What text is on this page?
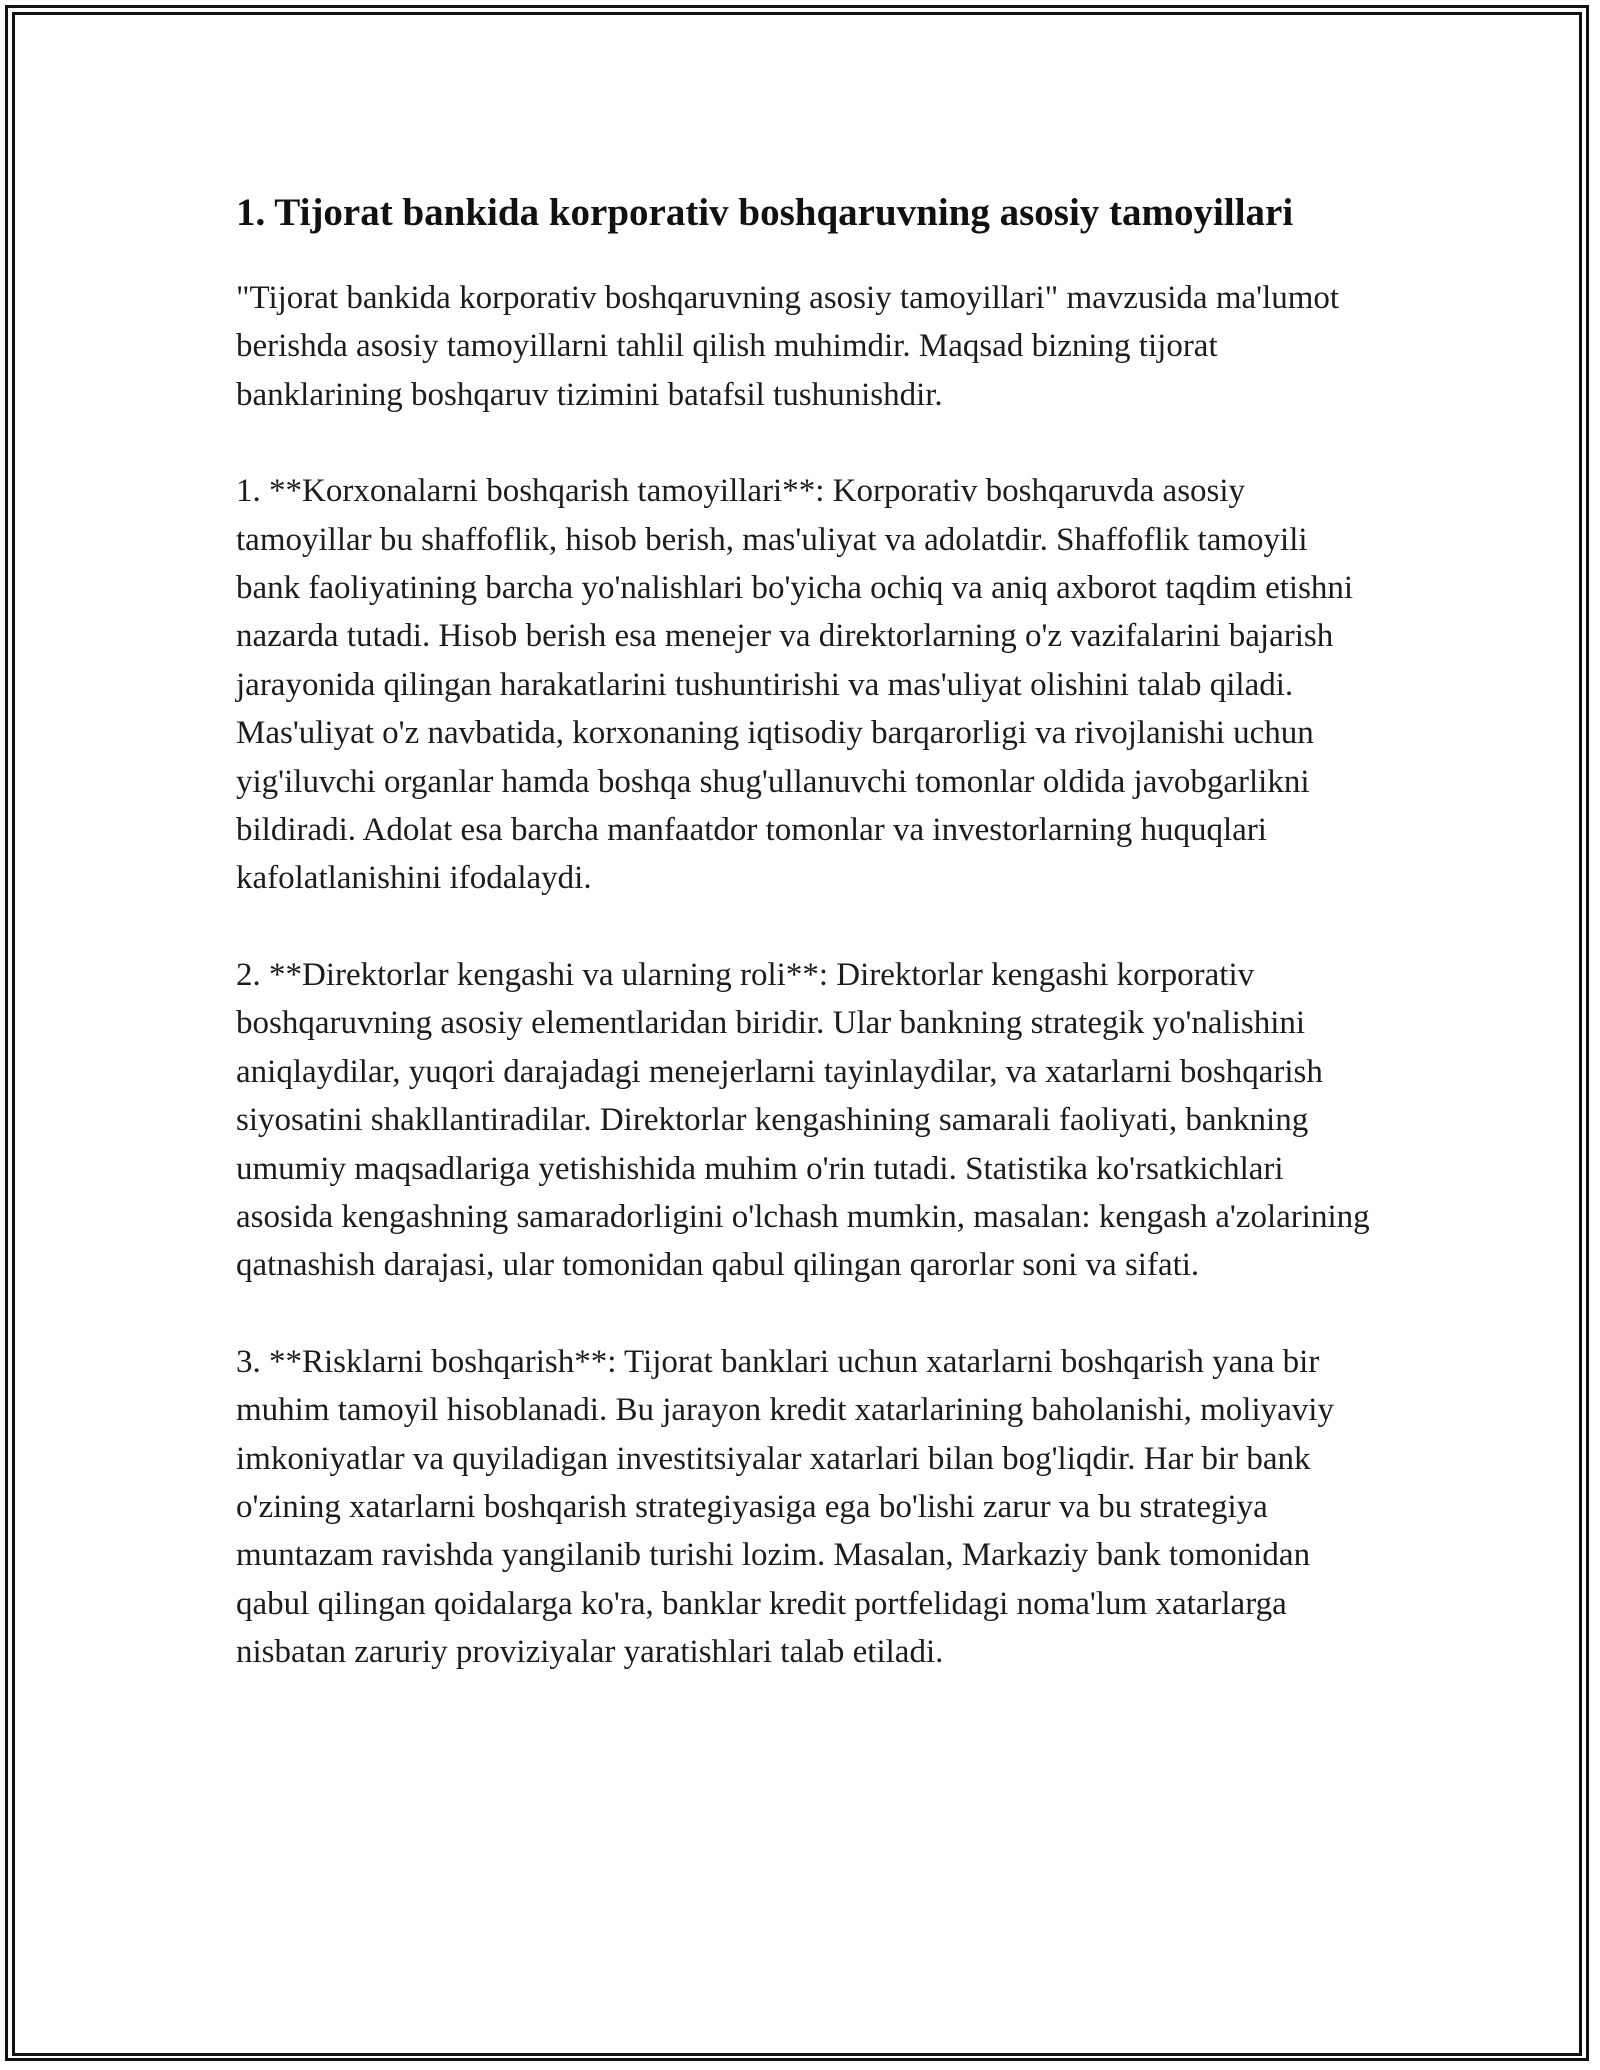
1. Tijorat bankida korporativ boshqaruvning asosiy tamoyillari

"Tijorat bankida korporativ boshqaruvning asosiy tamoyillari" mavzusida ma'lumot berishda asosiy tamoyillarni tahlil qilish muhimdir. Maqsad bizning tijorat banklarining boshqaruv tizimini batafsil tushunishdir.

1. **Korxonalarni boshqarish tamoyillari**: Korporativ boshqaruvda asosiy tamoyillar bu shaffoflik, hisob berish, mas'uliyat va adolatdir. Shaffoflik tamoyili bank faoliyatining barcha yo'nalishlari bo'yicha ochiq va aniq axborot taqdim etishni nazarda tutadi. Hisob berish esa menejer va direktorlarning o'z vazifalarini bajarish jarayonida qilingan harakatlarini tushuntirishi va mas'uliyat olishini talab qiladi. Mas'uliyat o'z navbatida, korxonaning iqtisodiy barqarorligi va rivojlanishi uchun yig'iluvchi organlar hamda boshqa shug'ullanuvchi tomonlar oldida javobgarlikni bildiradi. Adolat esa barcha manfaatdor tomonlar va investorlarning huquqlari kafolatlanishini ifodalaydi.

2. **Direktorlar kengashi va ularning roli**: Direktorlar kengashi korporativ boshqaruvning asosiy elementlaridan biridir. Ular bankning strategik yo'nalishini aniqlaydilar, yuqori darajadagi menejerlarni tayinlaydilar, va xatarlarni boshqarish siyosatini shakllantiradilar. Direktorlar kengashining samarali faoliyati, bankning umumiy maqsadlariga yetishishida muhim o'rin tutadi. Statistika ko'rsatkichlari asosida kengashning samaradorligini o'lchash mumkin, masalan: kengash a'zolarining qatnashish darajasi, ular tomonidan qabul qilingan qarorlar soni va sifati.

3. **Risklarni boshqarish**: Tijorat banklari uchun xatarlarni boshqarish yana bir muhim tamoyil hisoblanadi. Bu jarayon kredit xatarlarining baholanishi, moliyaviy imkoniyatlar va quyiladigan investitsiyalar xatarlari bilan bog'liqdir. Har bir bank o'zining xatarlarni boshqarish strategiyasiga ega bo'lishi zarur va bu strategiya muntazam ravishda yangilanib turishi lozim. Masalan, Markaziy bank tomonidan qabul qilingan qoidalarga ko'ra, banklar kredit portfelidagi noma'lum xatarlarga nisbatan zaruriy proviziyalar yaratishlari talab etiladi.
